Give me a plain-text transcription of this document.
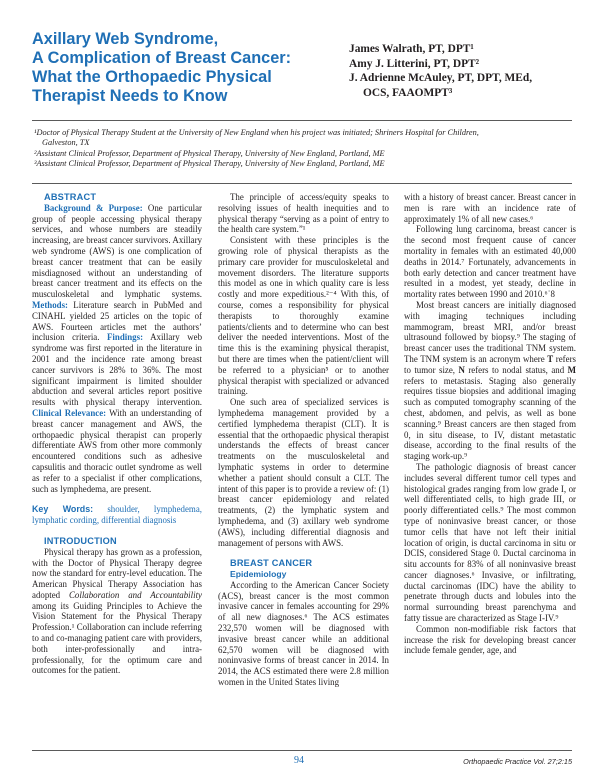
Axillary Web Syndrome,
A Complication of Breast Cancer:
What the Orthopaedic Physical
Therapist Needs to Know
James Walrath, PT, DPT¹
Amy J. Litterini, PT, DPT²
J. Adrienne McAuley, PT, DPT, MEd,
OCS, FAAOMPT³
¹Doctor of Physical Therapy Student at the University of New England when his project was initiated; Shriners Hospital for Children,
Galveston, TX
²Assistant Clinical Professor, Department of Physical Therapy, University of New England, Portland, ME
³Assistant Clinical Professor, Department of Physical Therapy, University of New England, Portland, ME

ABSTRACT

Background & Purpose: One particular group of people accessing physical therapy services, and whose numbers are steadily increasing, are breast cancer survivors. Axillary web syndrome (AWS) is one complication of breast cancer treatment that can be easily misdiagnosed without an understanding of breast cancer treatment and its effects on the musculoskeletal and lymphatic systems. Methods: Literature search in PubMed and CINAHL yielded 25 articles on the topic of AWS. Fourteen articles met the authors’ inclusion criteria. Findings: Axillary web syndrome was first reported in the literature in 2001 and the incidence rate among breast cancer survivors is 28% to 36%. The most significant impairment is limited shoulder abduction and several articles report positive results with physical therapy intervention. Clinical Relevance: With an understanding of breast cancer management and AWS, the orthopaedic physical therapist can properly differentiate AWS from other more commonly encountered conditions such as adhesive capsulitis and thoracic outlet syndrome as well as refer to a specialist if other complications, such as lymphedema, are present.

Key Words: shoulder, lymphedema, lymphatic cording, differential diagnosis

INTRODUCTION

Physical therapy has grown as a profession, with the Doctor of Physical Therapy degree now the standard for entry-level education. The American Physical Therapy Association has adopted Collaboration and Accountability among its Guiding Principles to Achieve the Vision Statement for the Physical Therapy Profession.¹ Collaboration can include referring to and co-managing patient care with providers, both inter-professionally and intra-professionally, for the optimum care and outcomes for the patient.

The principle of access/equity speaks to resolving issues of health inequities and to physical therapy “serving as a point of entry to the health care system.”¹

Consistent with these principles is the growing role of physical therapists as the primary care provider for musculoskeletal and movement disorders. The literature supports this model as one in which quality care is less costly and more expeditious.²⁻⁴ With this, of course, comes a responsibility for physical therapists to thoroughly examine patients/clients and to determine who can best deliver the needed interventions. Most of the time this is the examining physical therapist, but there are times when the patient/client will be referred to a physician⁵ or to another physical therapist with specialized or advanced training.

One such area of specialized services is lymphedema management provided by a certified lymphedema therapist (CLT). It is essential that the orthopaedic physical therapist understands the effects of breast cancer treatments on the musculoskeletal and lymphatic systems in order to determine whether a patient should consult a CLT. The intent of this paper is to provide a review of: (1) breast cancer epidemiology and related treatments, (2) the lymphatic system and lymphedema, and (3) axillary web syndrome (AWS), including differential diagnosis and management of persons with AWS.

BREAST CANCER

Epidemiology

According to the American Cancer Society (ACS), breast cancer is the most common invasive cancer in females accounting for 29% of all new diagnoses.⁶ The ACS estimates 232,570 women will be diagnosed with invasive breast cancer while an additional 62,570 women will be diagnosed with noninvasive forms of breast cancer in 2014. In 2014, the ACS estimated there were 2.8 million women in the United States living

with a history of breast cancer. Breast cancer in men is rare with an incidence rate of approximately 1% of all new cases.⁶

Following lung carcinoma, breast cancer is the second most frequent cause of cancer mortality in females with an estimated 40,000 deaths in 2014.⁷ Fortunately, advancements in both early detection and cancer treatment have resulted in a modest, yet steady, decline in mortality rates between 1990 and 2010.⁶˙8

Most breast cancers are initially diagnosed with imaging techniques including mammogram, breast MRI, and/or breast ultrasound followed by biopsy.⁹ The staging of breast cancer uses the traditional TNM system. The TNM system is an acronym where T refers to tumor size, N refers to nodal status, and M refers to metastasis. Staging also generally requires tissue biopsies and additional imaging such as computed tomography scanning of the chest, abdomen, and pelvis, as well as bone scanning.⁹ Breast cancers are then staged from 0, in situ disease, to IV, distant metastatic disease, according to the final results of the staging work-up.⁹

The pathologic diagnosis of breast cancer includes several different tumor cell types and histological grades ranging from low grade I, or well differentiated cells, to high grade III, or poorly differentiated cells.⁹ The most common type of noninvasive breast cancer, or those tumor cells that have not left their initial location of origin, is ductal carcinoma in situ or DCIS, considered Stage 0. Ductal carcinoma in situ accounts for 83% of all noninvasive breast cancer diagnoses.⁶ Invasive, or infiltrating, ductal carcinomas (IDC) have the ability to penetrate through ducts and lobules into the normal surrounding breast parenchyma and fatty tissue are characterized as Stage I-IV.⁹

Common non-modifiable risk factors that increase the risk for developing breast cancer include female gender, age, and

94	Orthopaedic Practice Vol. 27;2:15
